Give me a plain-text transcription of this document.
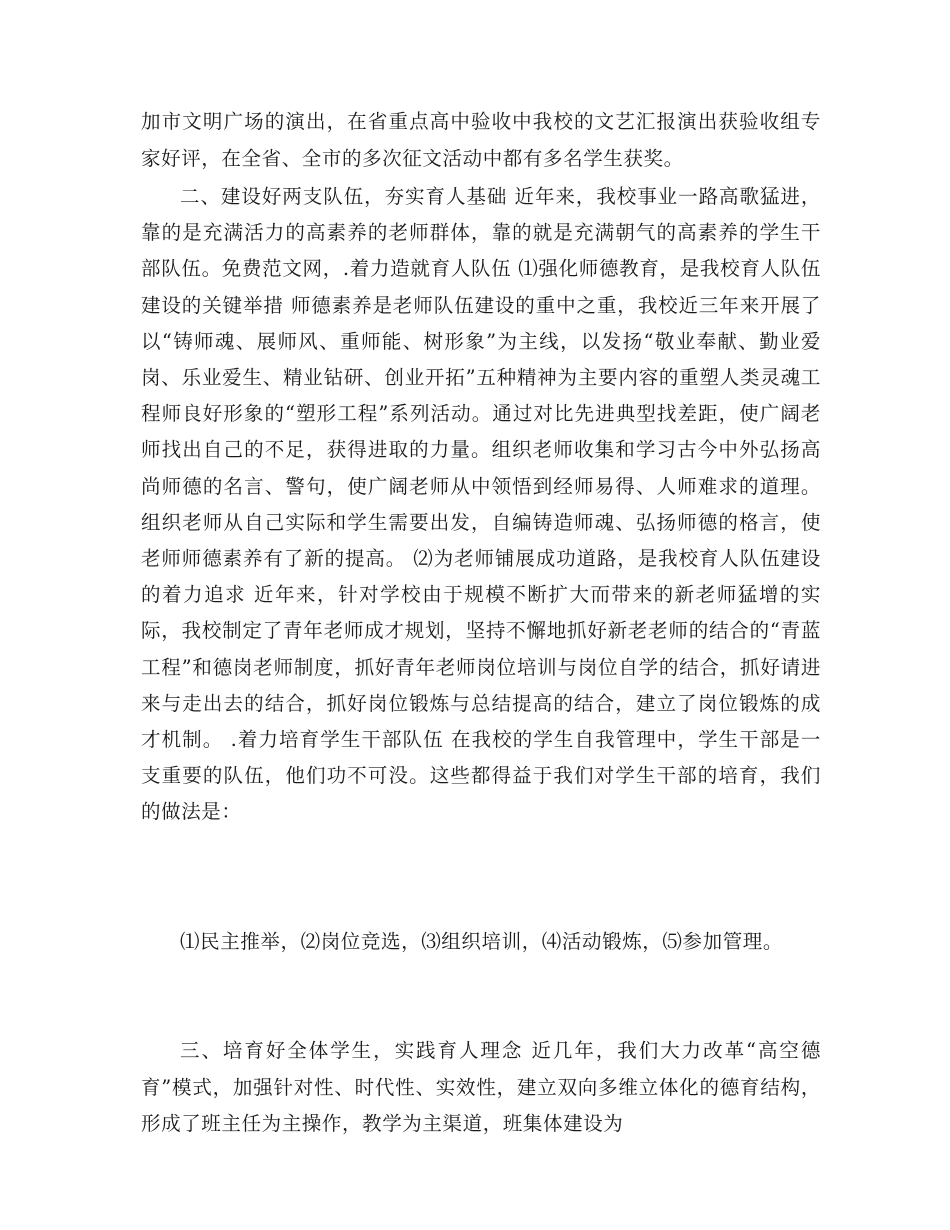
加市文明广场的演出，在省重点高中验收中我校的文艺汇报演出获验收组专家好评，在全省、全市的多次征文活动中都有多名学生获奖。

二、建设好两支队伍，夯实育人基础 近年来，我校事业一路高歌猛进，靠的是充满活力的高素养的老师群体，靠的就是充满朝气的高素养的学生干部队伍。免费范文网，.着力造就育人队伍 ⑴强化师德教育，是我校育人队伍建设的关键举措 师德素养是老师队伍建设的重中之重，我校近三年来开展了以“铸师魂、展师风、重师能、树形象”为主线，以发扬“敬业奉献、勤业爱岗、乐业爱生、精业钻研、创业开拓”五种精神为主要内容的重塑人类灵魂工程师良好形象的“塑形工程”系列活动。通过对比先进典型找差距，使广阔老师找出自己的不足，获得进取的力量。组织老师收集和学习古今中外弘扬高尚师德的名言、警句，使广阔老师从中领悟到经师易得、人师难求的道理。组织老师从自己实际和学生需要出发，自编铸造师魂、弘扬师德的格言，使老师师德素养有了新的提高。 ⑵为老师铺展成功道路，是我校育人队伍建设的着力追求 近年来，针对学校由于规模不断扩大而带来的新老师猛增的实际，我校制定了青年老师成才规划，坚持不懈地抓好新老老师的结合的“青蓝工程”和德岗老师制度，抓好青年老师岗位培训与岗位自学的结合，抓好请进来与走出去的结合，抓好岗位锻炼与总结提高的结合，建立了岗位锻炼的成才机制。 .着力培育学生干部队伍 在我校的学生自我管理中，学生干部是一支重要的队伍，他们功不可没。这些都得益于我们对学生干部的培育，我们的做法是：

⑴民主推举，⑵岗位竞选，⑶组织培训，⑷活动锻炼，⑸参加管理。

三、培育好全体学生，实践育人理念 近几年，我们大力改革“高空德育”模式，加强针对性、时代性、实效性，建立双向多维立体化的德育结构，形成了班主任为主操作，教学为主渠道，班集体建设为
